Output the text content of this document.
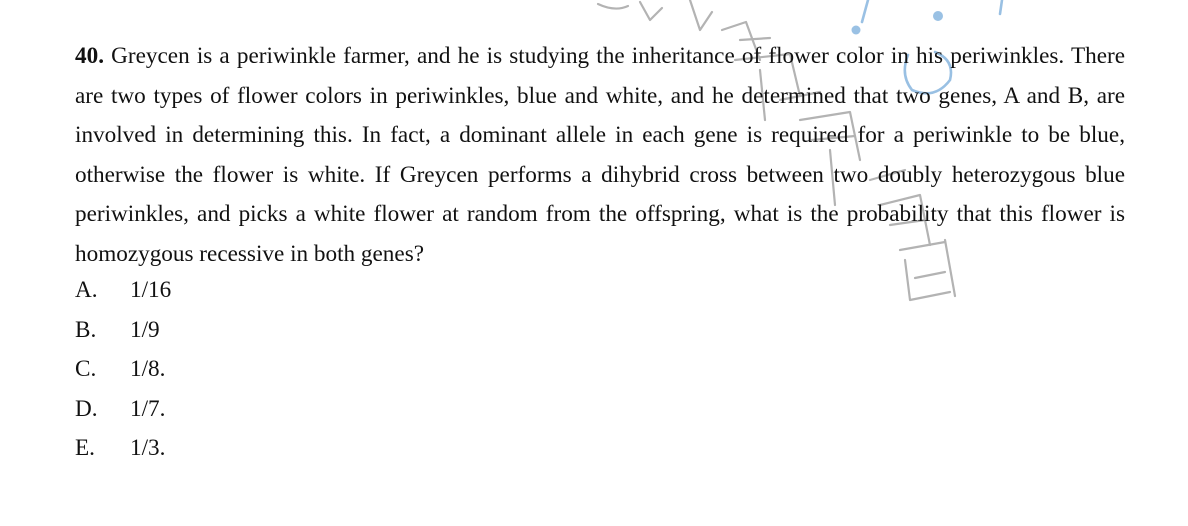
40. Greycen is a periwinkle farmer, and he is studying the inheritance of flower color in his periwinkles. There are two types of flower colors in periwinkles, blue and white, and he determined that two genes, A and B, are involved in determining this. In fact, a dominant allele in each gene is required for a periwinkle to be blue, otherwise the flower is white. If Greycen performs a dihybrid cross between two doubly heterozygous blue periwinkles, and picks a white flower at random from the offspring, what is the probability that this flower is homozygous recessive in both genes?

A.	1/16
B.	1/9
C.	1/8.
D.	1/7.
E.	1/3.
